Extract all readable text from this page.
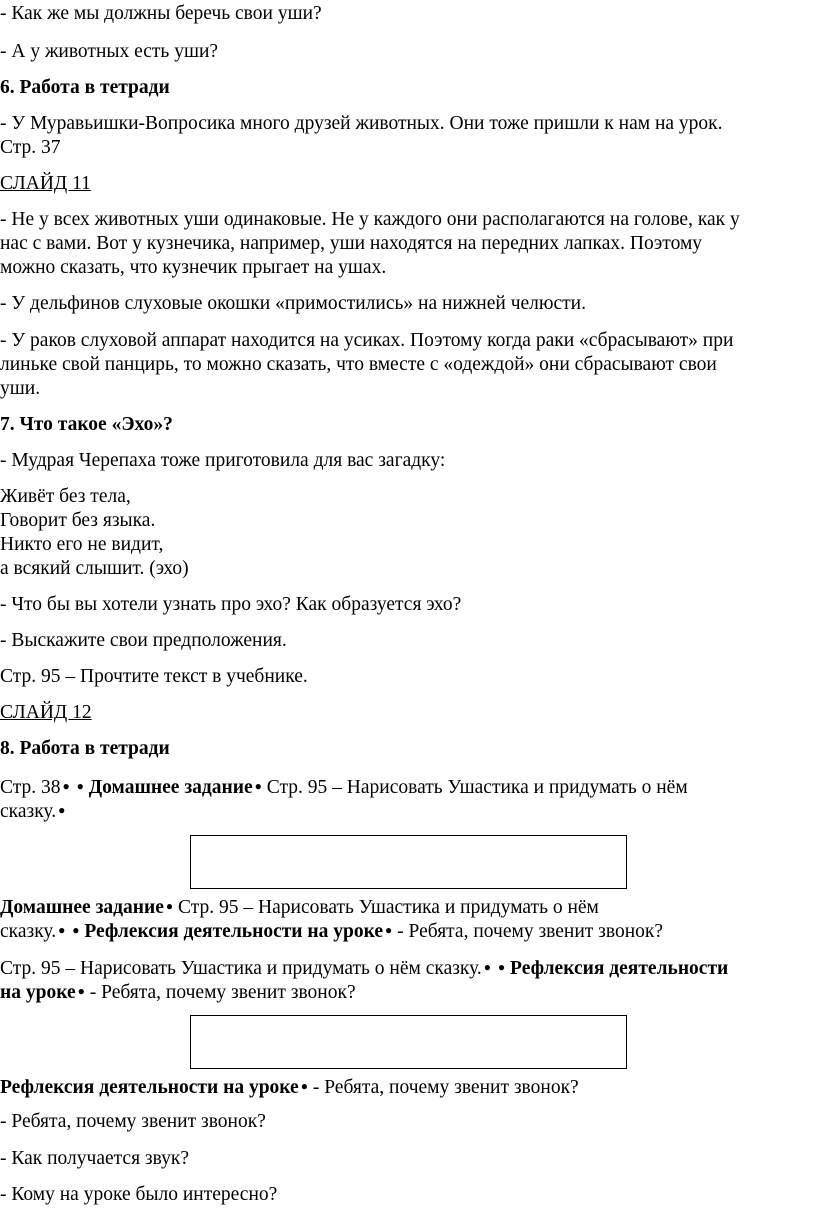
- Как же мы должны беречь свои уши?

- А у животных есть уши?

6. Работа в тетради

- У Муравьишки-Вопросика много друзей животных. Они тоже пришли к нам на урок.

Стр. 37

СЛАЙД 11

- Не у всех животных уши одинаковые. Не у каждого они располагаются на голове, как у

нас с вами. Вот у кузнечика, например, уши находятся на передних лапках. Поэтому

можно сказать, что кузнечик прыгает на ушах.

- У дельфинов слуховые окошки «примостились» на нижней челюсти.

- У раков слуховой аппарат находится на усиках. Поэтому когда раки «сбрасывают» при

линьке свой панцирь, то можно сказать, что вместе с «одеждой» они сбрасывают свои

уши.

7. Что такое «Эхо»?

- Мудрая Черепаха тоже приготовила для вас загадку:

Живёт без тела,

Говорит без языка.

Никто его не видит,

а всякий слышит. (эхо)

- Что бы вы хотели узнать про эхо? Как образуется эхо?

- Выскажите свои предположения.

Стр. 95 – Прочтите текст в учебнике.

СЛАЙД 12

8. Работа в тетради

Стр. 38 ● ● Домашнее задание ● Стр. 95 – Нарисовать Ушастика и придумать о нём

сказку. ●

Домашнее задание ● Стр. 95 – Нарисовать Ушастика и придумать о нём

сказку. ● ● Рефлексия деятельности на уроке ● - Ребята, почему звенит звонок?

Стр. 95 – Нарисовать Ушастика и придумать о нём сказку. ● ● Рефлексия деятельности

на уроке ● - Ребята, почему звенит звонок?

Рефлексия деятельности на уроке ● - Ребята, почему звенит звонок?

- Ребята, почему звенит звонок?

- Как получается звук?

- Кому на уроке было интересно?
